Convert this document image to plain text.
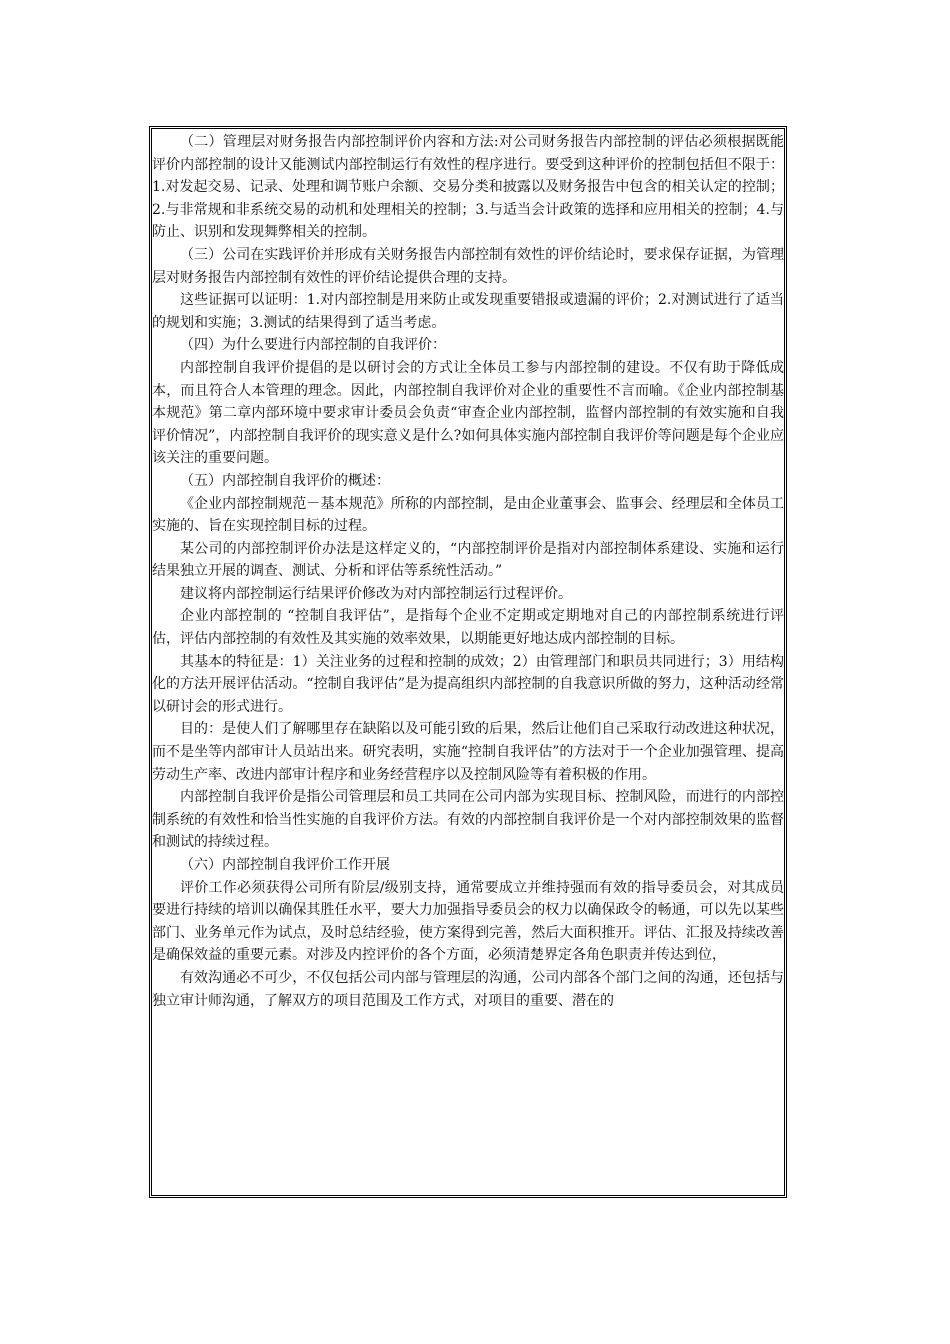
（二）管理层对财务报告内部控制评价内容和方法:对公司财务报告内部控制的评估必须根据既能评价内部控制的设计又能测试内部控制运行有效性的程序进行。要受到这种评价的控制包括但不限于：1.对发起交易、记录、处理和调节账户余额、交易分类和披露以及财务报告中包含的相关认定的控制；2.与非常规和非系统交易的动机和处理相关的控制；3.与适当会计政策的选择和应用相关的控制；4.与防止、识别和发现舞弊相关的控制。

（三）公司在实践评价并形成有关财务报告内部控制有效性的评价结论时，要求保存证据，为管理层对财务报告内部控制有效性的评价结论提供合理的支持。

这些证据可以证明：1.对内部控制是用来防止或发现重要错报或遗漏的评价；2.对测试进行了适当的规划和实施；3.测试的结果得到了适当考虑。

（四）为什么要进行内部控制的自我评价：

内部控制自我评价提倡的是以研讨会的方式让全体员工参与内部控制的建设。不仅有助于降低成本，而且符合人本管理的理念。因此，内部控制自我评价对企业的重要性不言而喻。《企业内部控制基本规范》第二章内部环境中要求审计委员会负责“审查企业内部控制，监督内部控制的有效实施和自我评价情况”，内部控制自我评价的现实意义是什么?如何具体实施内部控制自我评价等问题是每个企业应该关注的重要问题。

（五）内部控制自我评价的概述：

《企业内部控制规范－基本规范》所称的内部控制，是由企业董事会、监事会、经理层和全体员工实施的、旨在实现控制目标的过程。

某公司的内部控制评价办法是这样定义的，“内部控制评价是指对内部控制体系建设、实施和运行结果独立开展的调查、测试、分析和评估等系统性活动。”

建议将内部控制运行结果评价修改为对内部控制运行过程评价。

企业内部控制的 “控制自我评估”，是指每个企业不定期或定期地对自己的内部控制系统进行评估，评估内部控制的有效性及其实施的效率效果，以期能更好地达成内部控制的目标。

其基本的特征是：1）关注业务的过程和控制的成效；2）由管理部门和职员共同进行；3）用结构化的方法开展评估活动。“控制自我评估”是为提高组织内部控制的自我意识所做的努力，这种活动经常以研讨会的形式进行。

目的：是使人们了解哪里存在缺陷以及可能引致的后果，然后让他们自己采取行动改进这种状况，而不是坐等内部审计人员站出来。研究表明，实施“控制自我评估”的方法对于一个企业加强管理、提高劳动生产率、改进内部审计程序和业务经营程序以及控制风险等有着积极的作用。

内部控制自我评价是指公司管理层和员工共同在公司内部为实现目标、控制风险，而进行的内部控制系统的有效性和恰当性实施的自我评价方法。有效的内部控制自我评价是一个对内部控制效果的监督和测试的持续过程。

（六）内部控制自我评价工作开展

评价工作必须获得公司所有阶层/级别支持，通常要成立并维持强而有效的指导委员会，对其成员要进行持续的培训以确保其胜任水平，要大力加强指导委员会的权力以确保政令的畅通，可以先以某些部门、业务单元作为试点，及时总结经验，使方案得到完善，然后大面积推开。评估、汇报及持续改善是确保效益的重要元素。对涉及内控评价的各个方面，必须清楚界定各角色职责并传达到位，

有效沟通必不可少，不仅包括公司内部与管理层的沟通，公司内部各个部门之间的沟通，还包括与独立审计师沟通，了解双方的项目范围及工作方式，对项目的重要、潜在的
